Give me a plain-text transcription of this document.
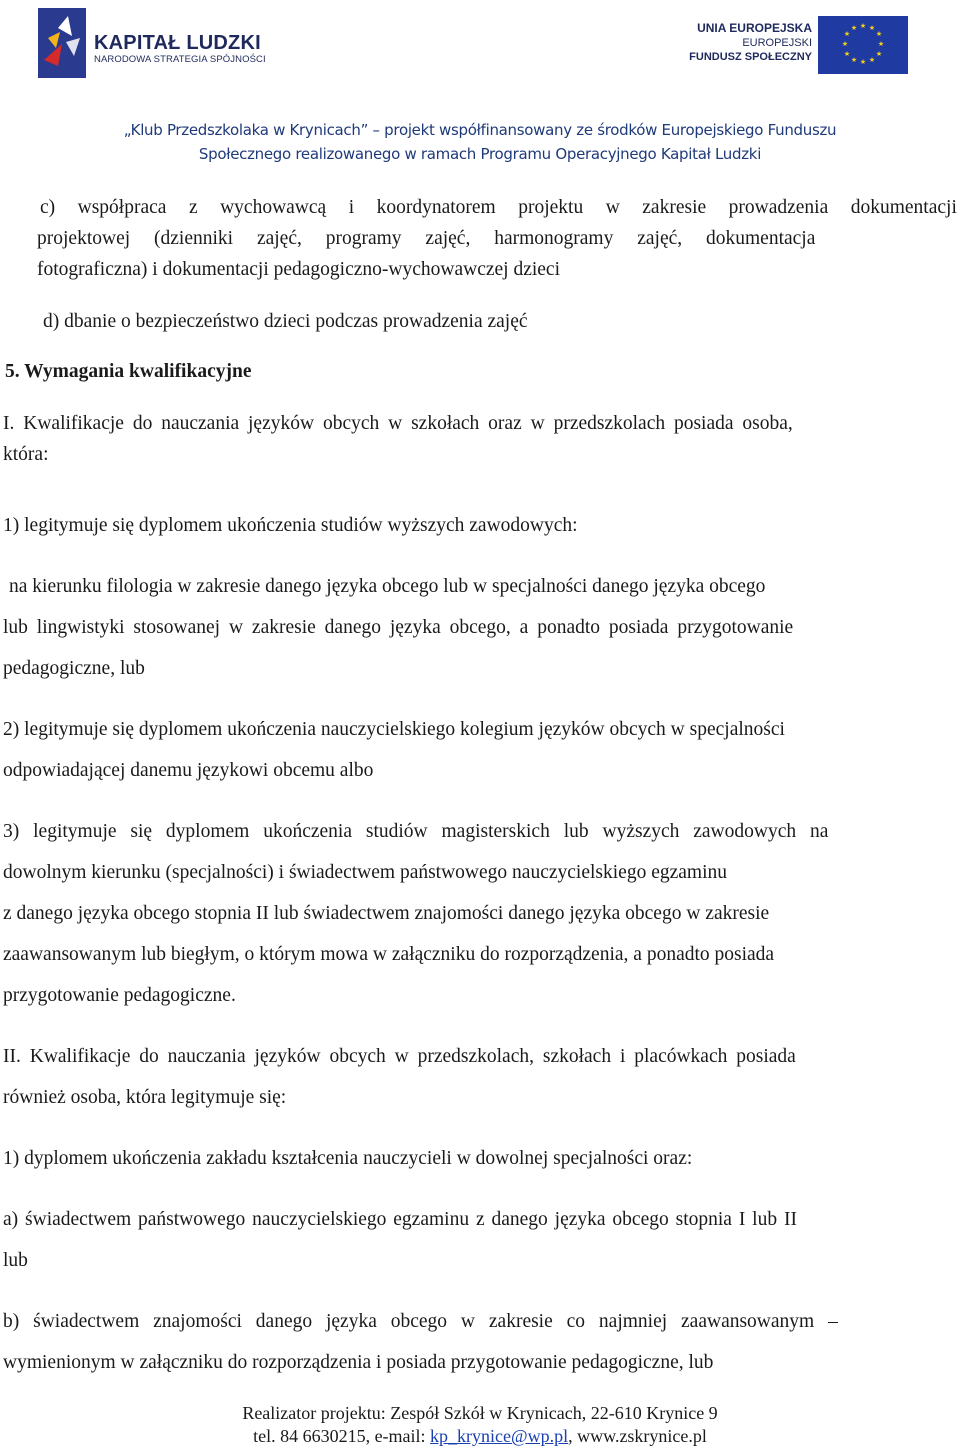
KAPITAŁ LUDZKI
NARODOWA STRATEGIA SPÓJNOŚCI
UNIA EUROPEJSKA
EUROPEJSKI
FUNDUSZ SPOŁECZNY
★ ★
★
★
★
★
★
★
★
★
★
★
„Klub Przedszkolaka w Krynicach” – projekt współfinansowany ze środków Europejskiego Funduszu
Społecznego realizowanego w ramach Programu Operacyjnego Kapitał Ludzki
c) współpraca z wychowawcą i koordynatorem projektu w zakresie prowadzenia dokumentacji
projektowej (dzienniki zajęć, programy zajęć, harmonogramy zajęć, dokumentacja
fotograficzna) i dokumentacji pedagogiczno-wychowawczej dzieci
d) dbanie o bezpieczeństwo dzieci podczas prowadzenia zajęć
5. Wymagania kwalifikacyjne
I. Kwalifikacje do nauczania języków obcych w szkołach oraz w przedszkolach posiada osoba,
która:
1) legitymuje się dyplomem ukończenia studiów wyższych zawodowych:
na kierunku filologia w zakresie danego języka obcego lub w specjalności danego języka obcego
lub lingwistyki stosowanej w zakresie danego języka obcego, a ponadto posiada przygotowanie
pedagogiczne, lub
2) legitymuje się dyplomem ukończenia nauczycielskiego kolegium języków obcych w specjalności
odpowiadającej danemu językowi obcemu albo
3) legitymuje się dyplomem ukończenia studiów magisterskich lub wyższych zawodowych na
dowolnym kierunku (specjalności) i świadectwem państwowego nauczycielskiego egzaminu
z danego języka obcego stopnia II lub świadectwem znajomości danego języka obcego w zakresie
zaawansowanym lub biegłym, o którym mowa w załączniku do rozporządzenia, a ponadto posiada
przygotowanie pedagogiczne.
II. Kwalifikacje do nauczania języków obcych w przedszkolach, szkołach i placówkach posiada
również osoba, która legitymuje się:
1) dyplomem ukończenia zakładu kształcenia nauczycieli w dowolnej specjalności oraz:
a) świadectwem państwowego nauczycielskiego egzaminu z danego języka obcego stopnia I lub II
lub
b) świadectwem znajomości danego języka obcego w zakresie co najmniej zaawansowanym –
wymienionym w załączniku do rozporządzenia i posiada przygotowanie pedagogiczne, lub
Realizator projektu: Zespół Szkół w Krynicach, 22-610 Krynice 9
tel. 84 6630215, e-mail: kp_krynice@wp.pl, www.zskrynice.pl
